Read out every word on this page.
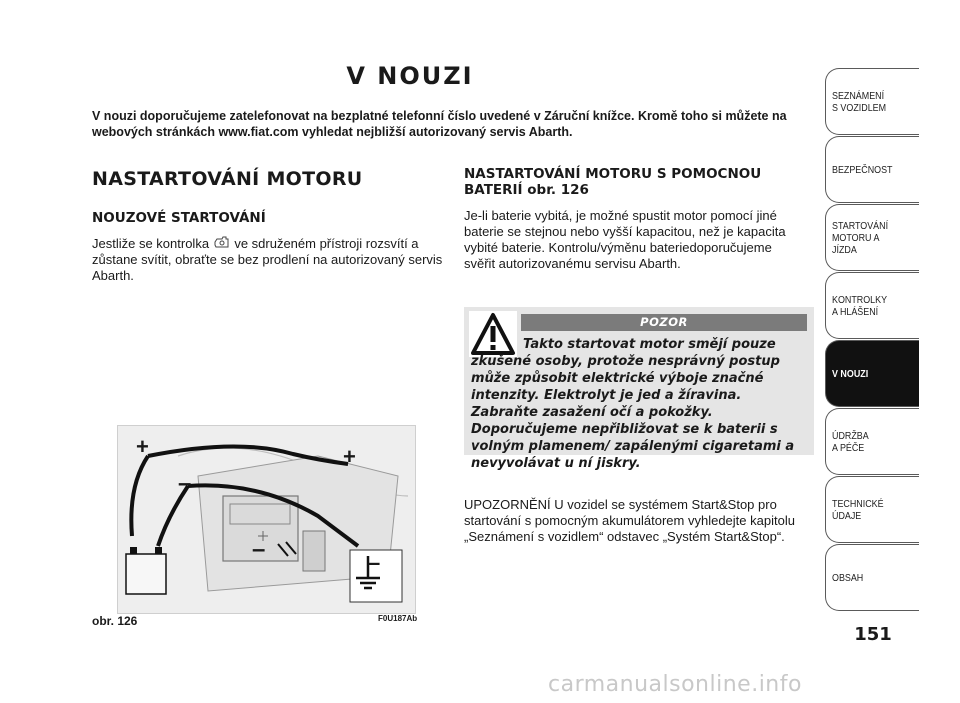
V NOUZI
V nouzi doporučujeme zatelefonovat na bezplatné telefonní číslo uvedené v Záruční knížce. Kromě toho si můžete na webových stránkách www.fiat.com vyhledat nejbližší autorizovaný servis Abarth.
NASTARTOVÁNÍ MOTORU
NOUZOVÉ STARTOVÁNÍ
Jestliže se kontrolka  ve sdruženém přístroji rozsvítí a zůstane svítit, obraťte se bez prodlení na autorizovaný servis Abarth.
NASTARTOVÁNÍ MOTORU S POMOCNOU BATERIÍ obr. 126
Je-li baterie vybitá, je možné spustit motor pomocí jiné baterie se stejnou nebo vyšší kapacitou, než je kapacita vybité baterie. Kontrolu/výměnu bateriedoporučujeme svěřit autorizovanému servisu Abarth.
POZOR
Takto startovat motor smějí pouze zkušené osoby, protože nesprávný postup může způsobit elektrické výboje značné intenzity. Elektrolyt je jed a žíravina. Zabraňte zasažení očí a pokožky. Doporučujeme nepřibližovat se k baterii s volným plamenem/ zapálenými cigaretami a nevyvolávat u ní jiskry.
UPOZORNĚNÍ U vozidel se systémem Start&Stop pro startování s pomocným akumulátorem vyhledejte kapitolu „Seznámení s vozidlem“ odstavec „Systém Start&Stop“.
+	+
–
–	–
obr. 126	F0U187Ab
SEZNÁMENÍ
S VOZIDLEM
BEZPEČNOST
STARTOVÁNÍ
MOTORU A JÍZDA
KONTROLKY
A HLÁŠENÍ
V NOUZI
ÚDRŽBA
A PÉČE
TECHNICKÉ
ÚDAJE
OBSAH
151
carmanualsonline.info
